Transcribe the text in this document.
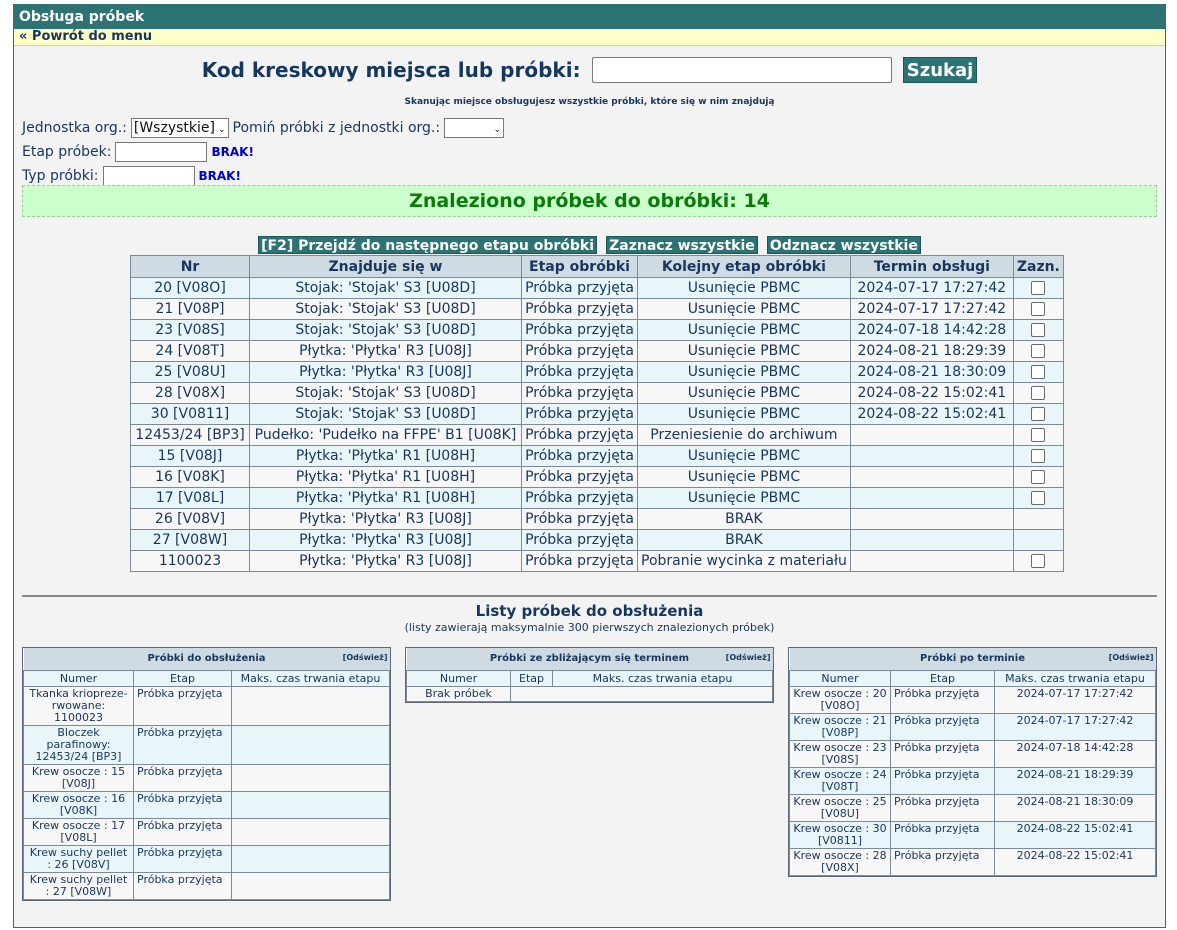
Obsługa próbek
« Powrót do menu
Kod kreskowy miejsca lub próbki:	Szukaj
Skanując miejsce obsługujesz wszystkie próbki, które się w nim znajdują
Jednostka org.: [Wszystkie] ⌄ Pomiń próbki z jednostki org.:	⌄
Etap próbek:	BRAK!
Typ próbki:	BRAK!
Znaleziono próbek do obróbki: 14
[F2] Przejdź do następnego etapu obróbki Zaznacz wszystkie Odznacz wszystkie
Nr	Znajduje się w	Etap obróbki	Kolejny etap obróbki	Termin obsługi	Zazn.
20 [V08O]	Stojak: 'Stojak' S3 [U08D]	Próbka przyjęta	Usunięcie PBMC	2024-07-17 17:27:42	
21 [V08P]	Stojak: 'Stojak' S3 [U08D]	Próbka przyjęta	Usunięcie PBMC	2024-07-17 17:27:42	
23 [V08S]	Stojak: 'Stojak' S3 [U08D]	Próbka przyjęta	Usunięcie PBMC	2024-07-18 14:42:28	
24 [V08T]	Płytka: 'Płytka' R3 [U08J]	Próbka przyjęta	Usunięcie PBMC	2024-08-21 18:29:39	
25 [V08U]	Płytka: 'Płytka' R3 [U08J]	Próbka przyjęta	Usunięcie PBMC	2024-08-21 18:30:09	
28 [V08X]	Stojak: 'Stojak' S3 [U08D]	Próbka przyjęta	Usunięcie PBMC	2024-08-22 15:02:41	
30 [V0811]	Stojak: 'Stojak' S3 [U08D]	Próbka przyjęta	Usunięcie PBMC	2024-08-22 15:02:41	
12453/24 [BP3]	Pudełko: 'Pudełko na FFPE' B1 [U08K]	Próbka przyjęta	Przeniesienie do archiwum		
15 [V08J]	Płytka: 'Płytka' R1 [U08H]	Próbka przyjęta	Usunięcie PBMC		
16 [V08K]	Płytka: 'Płytka' R1 [U08H]	Próbka przyjęta	Usunięcie PBMC		
17 [V08L]	Płytka: 'Płytka' R1 [U08H]	Próbka przyjęta	Usunięcie PBMC		
26 [V08V]	Płytka: 'Płytka' R3 [U08J]	Próbka przyjęta	BRAK		
27 [V08W]	Płytka: 'Płytka' R3 [U08J]	Próbka przyjęta	BRAK		
1100023	Płytka: 'Płytka' R3 [U08J]	Próbka przyjęta	Pobranie wycinka z materiału		
Listy próbek do obsłużenia
(listy zawierają maksymalnie 300 pierwszych znalezionych próbek)
Próbki do obsłużenia [Odśwież]		

Numer	Etap	Maks. czas trwania etapu
Tkanka krioprezerwowane: 1100023	Próbka przyjęta	
Bloczek parafinowy: 12453/24 [BP3]	Próbka przyjęta	
Krew osocze : 15 [V08J]	Próbka przyjęta	
Krew osocze : 16 [V08K]	Próbka przyjęta	
Krew osocze : 17 [V08L]	Próbka przyjęta	
Krew suchy pellet : 26 [V08V]	Próbka przyjęta	
Krew suchy pellet : 27 [V08W]	Próbka przyjęta	
Próbki ze zbliżającym się terminem [Odśwież]		

Numer	Etap	Maks. czas trwania etapu
Brak próbek		
Próbki po terminie [Odśwież]		

Numer	Etap	Maks. czas trwania etapu
Krew osocze : 20 [V08O]	Próbka przyjęta	2024-07-17 17:27:42
Krew osocze : 21 [V08P]	Próbka przyjęta	2024-07-17 17:27:42
Krew osocze : 23 [V08S]	Próbka przyjęta	2024-07-18 14:42:28
Krew osocze : 24 [V08T]	Próbka przyjęta	2024-08-21 18:29:39
Krew osocze : 25 [V08U]	Próbka przyjęta	2024-08-21 18:30:09
Krew osocze : 30 [V0811]	Próbka przyjęta	2024-08-22 15:02:41
Krew osocze : 28 [V08X]	Próbka przyjęta	2024-08-22 15:02:41
